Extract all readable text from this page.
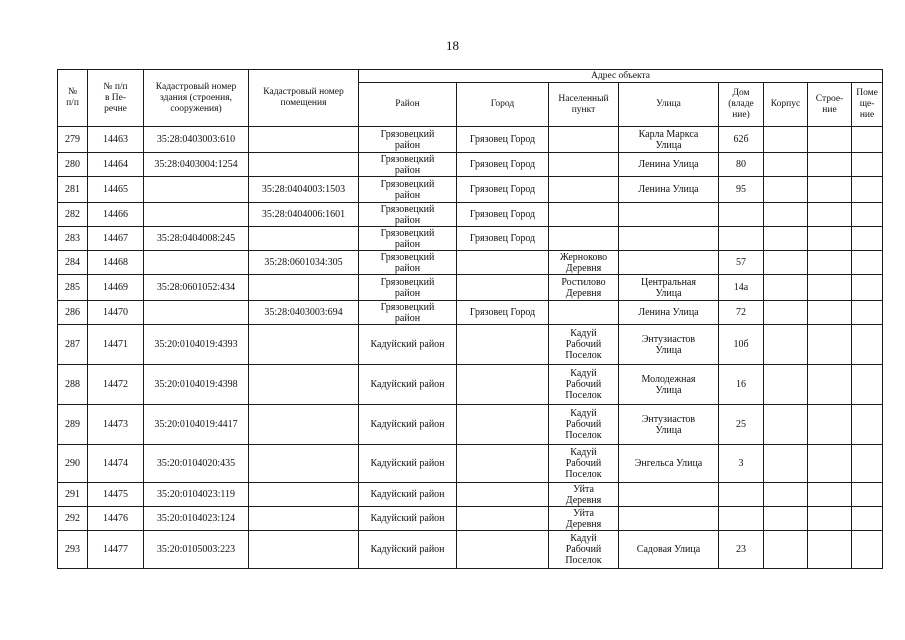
18
№
п/п	№ п/п
в Пе-
речне	Кадастровый номер
здания (строения,
сооружения)	Кадастровый номер
помещения	Адрес объекта							
				Район	Город	Населенный
пункт	Улица	Дом
(владе
ние)	Корпус	Строе-
ние	Поме
ще-
ние
279	14463	35:28:0403003:610		Грязовецкий
район	Грязовец Город		Карла Маркса
Улица	62б			
280	14464	35:28:0403004:1254		Грязовецкий
район	Грязовец Город		Ленина Улица	80			
281	14465		35:28:0404003:1503	Грязовецкий
район	Грязовец Город		Ленина Улица	95			
282	14466		35:28:0404006:1601	Грязовецкий
район	Грязовец Город						
283	14467	35:28:0404008:245		Грязовецкий
район	Грязовец Город						
284	14468		35:28:0601034:305	Грязовецкий
район		Жерноково
Деревня		57			
285	14469	35:28:0601052:434		Грязовецкий
район		Ростилово
Деревня	Центральная
Улица	14а			
286	14470		35:28:0403003:694	Грязовецкий
район	Грязовец Город		Ленина Улица	72			
287	14471	35:20:0104019:4393		Кадуйский район		Кадуй
Рабочий
Поселок	Энтузиастов
Улица	10б			
288	14472	35:20:0104019:4398		Кадуйский район		Кадуй
Рабочий
Поселок	Молодежная
Улица	16			
289	14473	35:20:0104019:4417		Кадуйский район		Кадуй
Рабочий
Поселок	Энтузиастов
Улица	25			
290	14474	35:20:0104020:435		Кадуйский район		Кадуй
Рабочий
Поселок	Энгельса Улица	3			
291	14475	35:20:0104023:119		Кадуйский район		Уйта
Деревня					
292	14476	35:20:0104023:124		Кадуйский район		Уйта
Деревня					
293	14477	35:20:0105003:223		Кадуйский район		Кадуй
Рабочий
Поселок	Садовая Улица	23			
